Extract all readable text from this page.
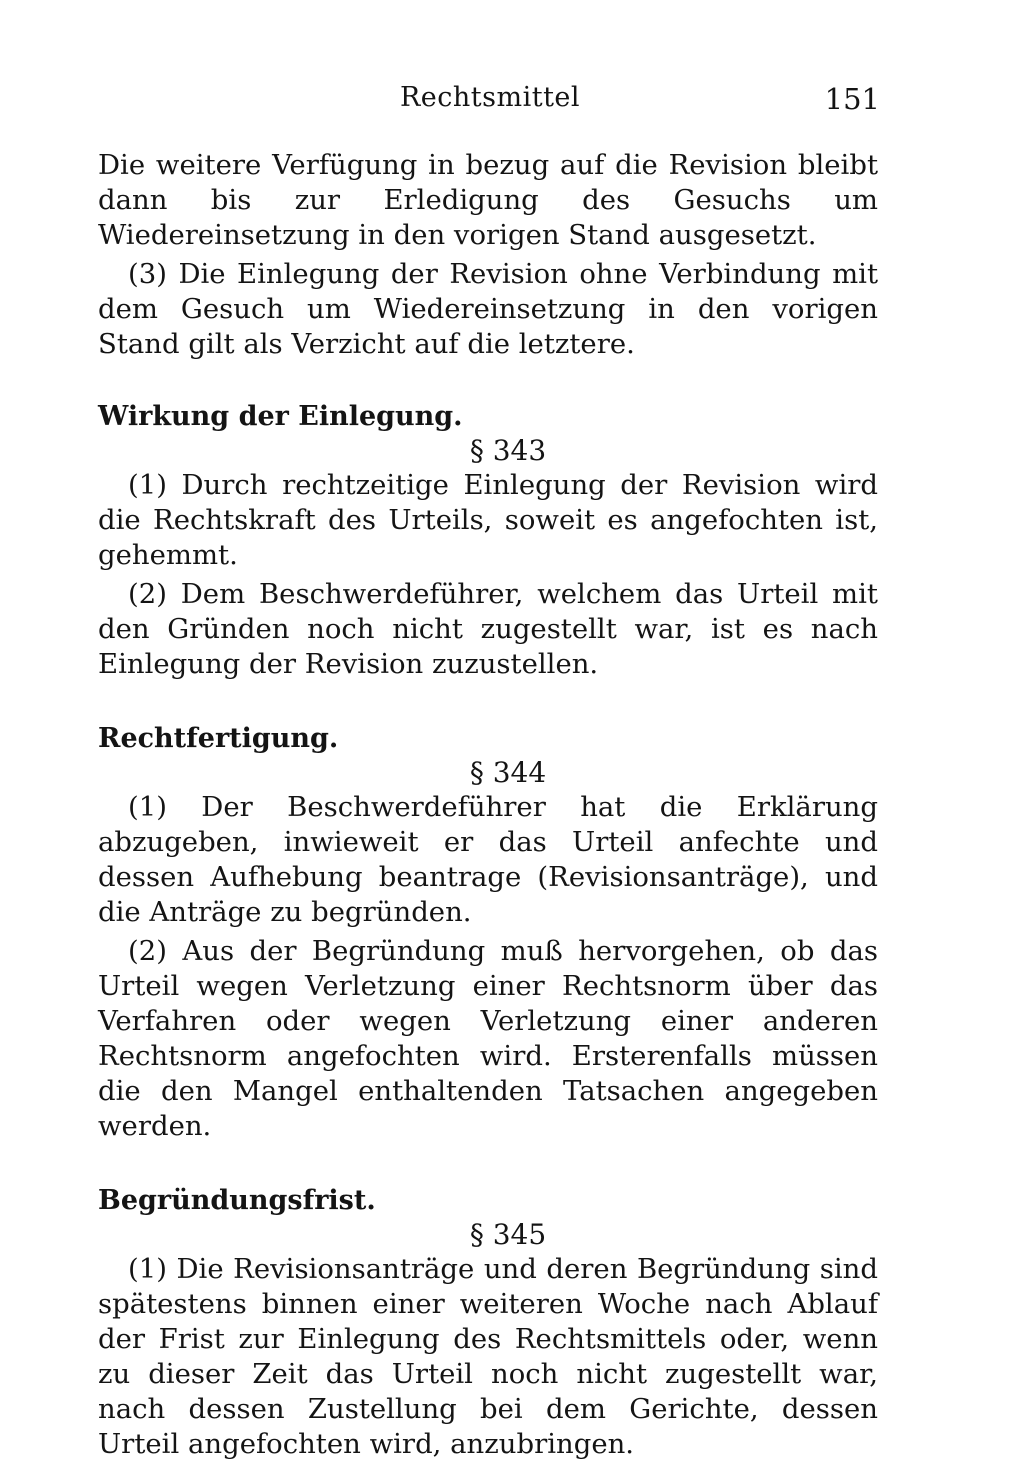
Rechtsmittel	151

Die weitere Verfügung in bezug auf die Revision bleibt dann bis zur Erledigung des Gesuchs um Wiedereinsetzung in den vorigen Stand ausgesetzt.

(3) Die Einlegung der Revision ohne Verbindung mit dem Gesuch um Wiedereinsetzung in den vorigen Stand gilt als Verzicht auf die letztere.

Wirkung der Einlegung.
§ 343

(1) Durch rechtzeitige Einlegung der Revision wird die Rechtskraft des Urteils, soweit es angefochten ist, gehemmt.

(2) Dem Beschwerdeführer, welchem das Urteil mit den Gründen noch nicht zugestellt war, ist es nach Einlegung der Revision zuzustellen.

Rechtfertigung.
§ 344

(1) Der Beschwerdeführer hat die Erklärung abzugeben, inwieweit er das Urteil anfechte und dessen Aufhebung beantrage (Revisionsanträge), und die Anträge zu begründen.

(2) Aus der Begründung muß hervorgehen, ob das Urteil wegen Verletzung einer Rechtsnorm über das Verfahren oder wegen Verletzung einer anderen Rechtsnorm angefochten wird. Ersterenfalls müssen die den Mangel enthaltenden Tatsachen angegeben werden.

Begründungsfrist.
§ 345

(1) Die Revisionsanträge und deren Begründung sind spätestens binnen einer weiteren Woche nach Ablauf der Frist zur Einlegung des Rechtsmittels oder, wenn zu dieser Zeit das Urteil noch nicht zugestellt war, nach dessen Zustellung bei dem Gerichte, dessen Urteil angefochten wird, anzubringen.
